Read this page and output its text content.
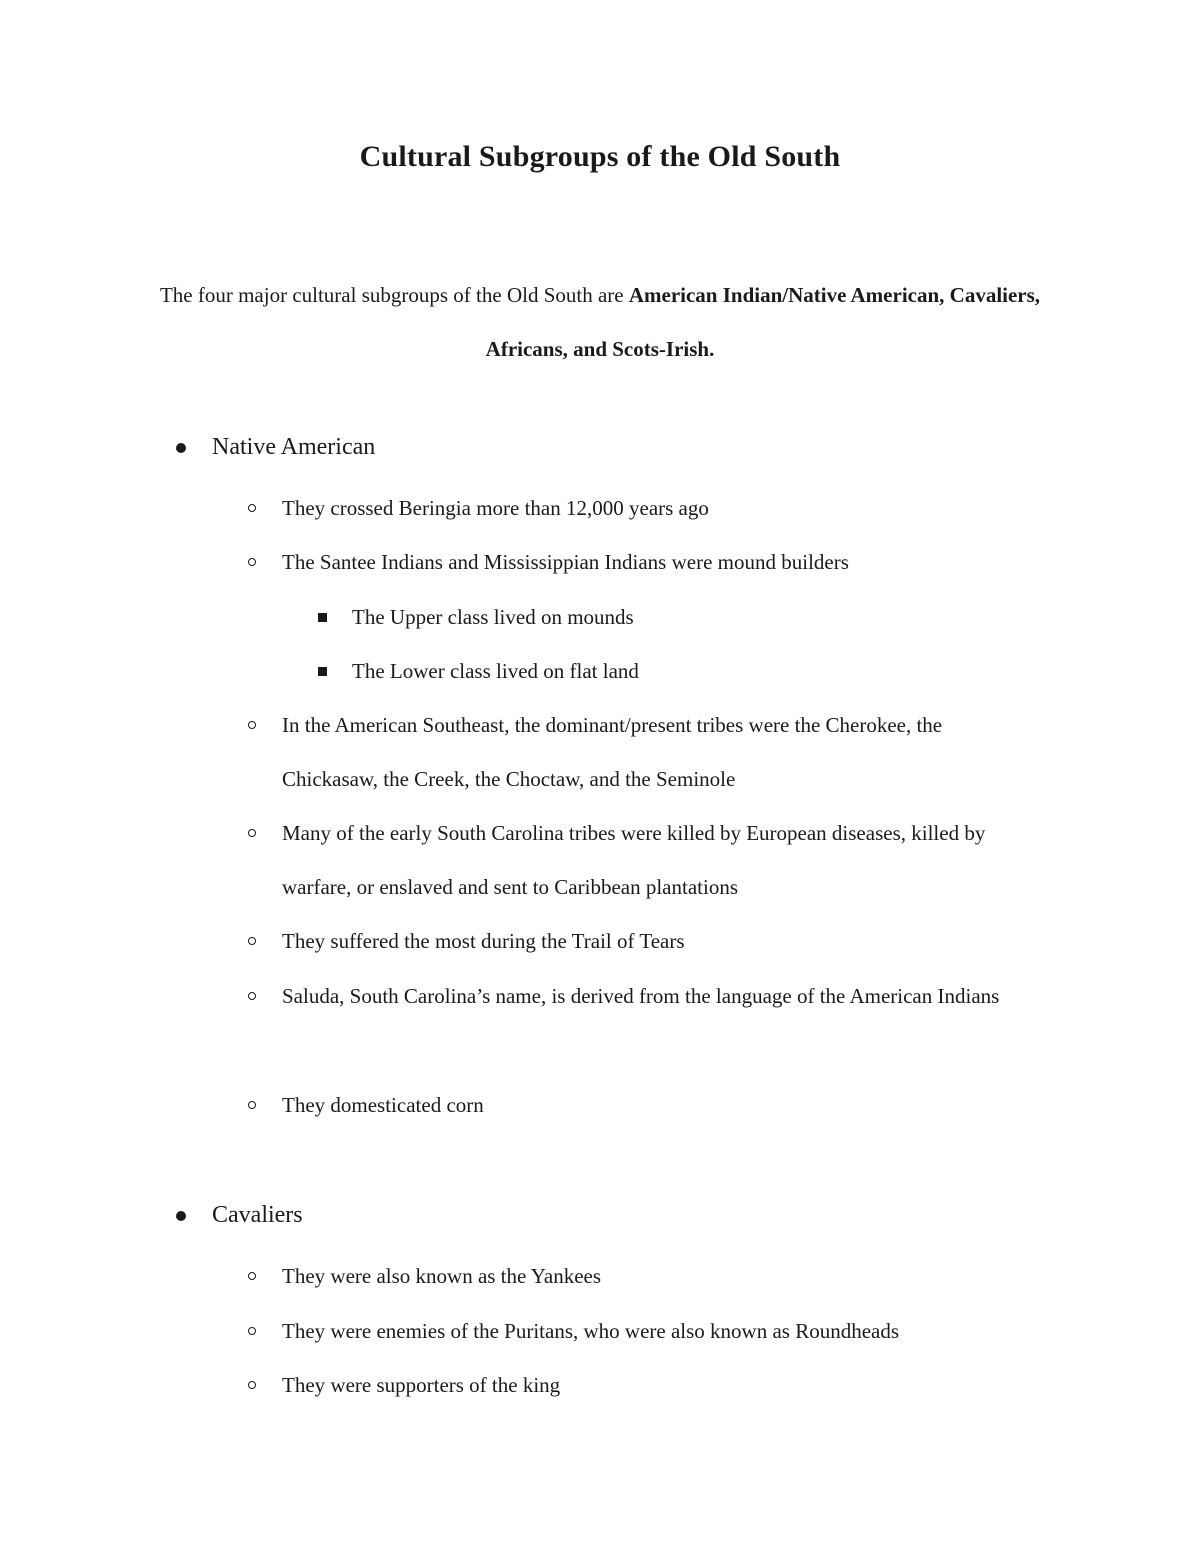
Cultural Subgroups of the Old South
The four major cultural subgroups of the Old South are American Indian/Native American, Cavaliers, Africans, and Scots-Irish.
Native American
They crossed Beringia more than 12,000 years ago
The Santee Indians and Mississippian Indians were mound builders
The Upper class lived on mounds
The Lower class lived on flat land
In the American Southeast, the dominant/present tribes were the Cherokee, the Chickasaw, the Creek, the Choctaw, and the Seminole
Many of the early South Carolina tribes were killed by European diseases, killed by warfare, or enslaved and sent to Caribbean plantations
They suffered the most during the Trail of Tears
Saluda, South Carolina’s name, is derived from the language of the American Indians
They domesticated corn
Cavaliers
They were also known as the Yankees
They were enemies of the Puritans, who were also known as Roundheads
They were supporters of the king
